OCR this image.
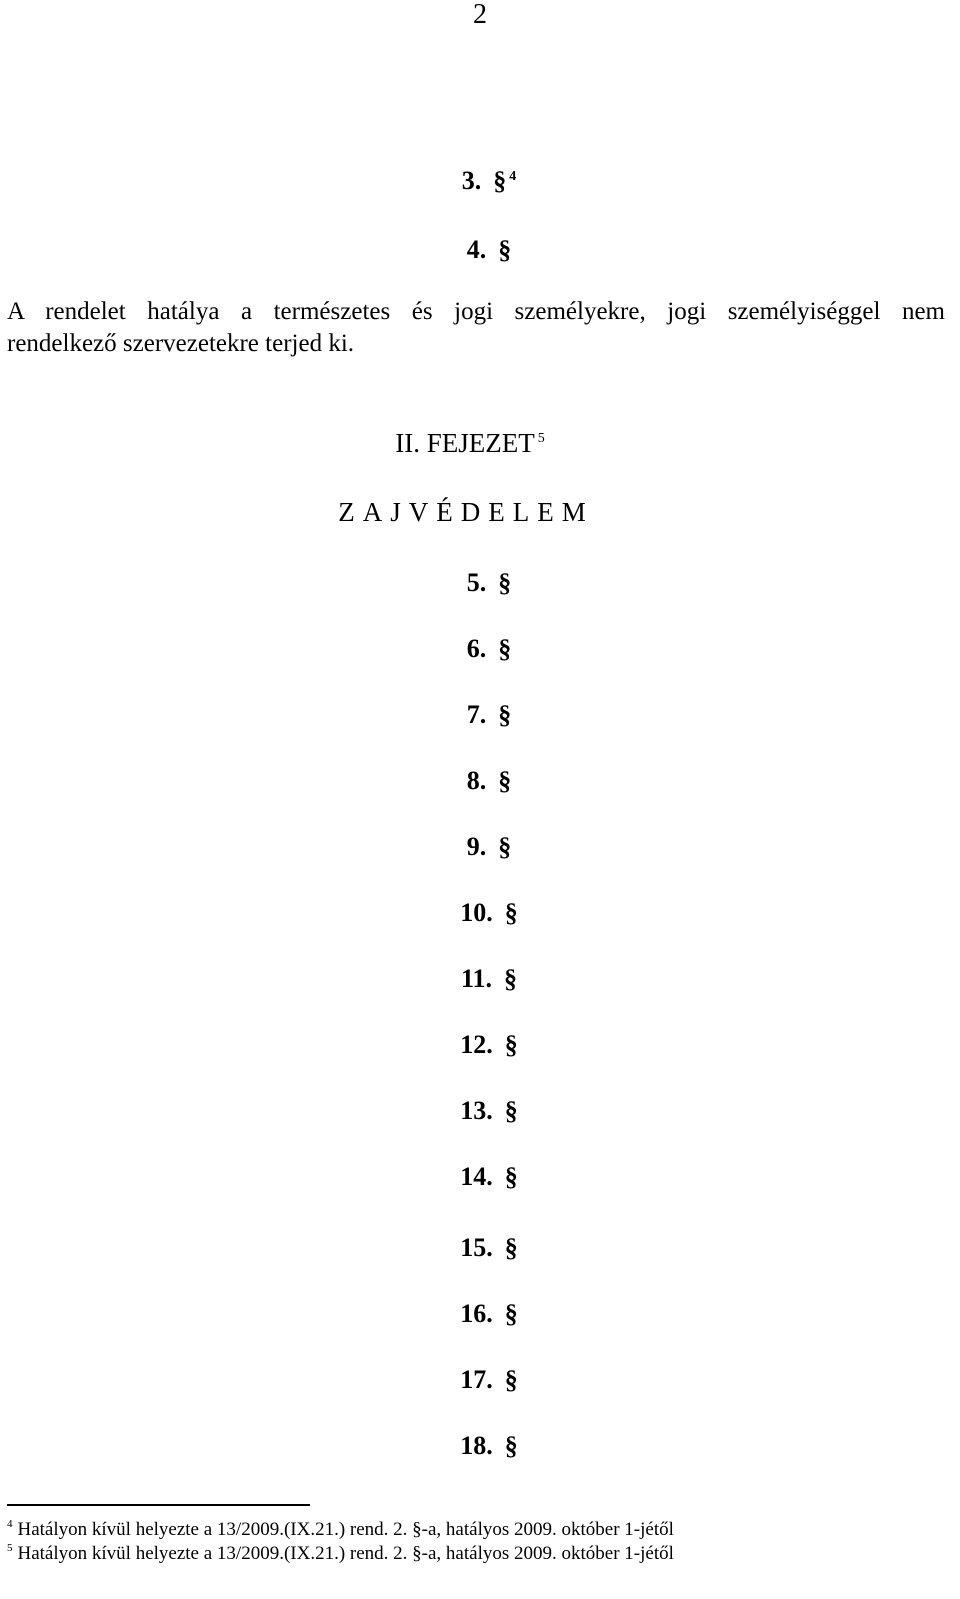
2
3. § $^4$
4. §
A rendelet hatálya a természetes és jogi személyekre, jogi személyiséggel nem
rendelkező szervezetekre terjed ki.
II. FEJEZET $^5$
ZAJVÉDELEM
5. §
6. §
7. §
8. §
9. §
10. §
11. §
12. §
13. §
14. §
15. §
16. §
17. §
18. §
$^4$ Hatályon kívül helyezte a 13/2009.(IX.21.) rend. 2. §-a, hatályos 2009. október 1-jétől
$^5$ Hatályon kívül helyezte a 13/2009.(IX.21.) rend. 2. §-a, hatályos 2009. október 1-jétől
